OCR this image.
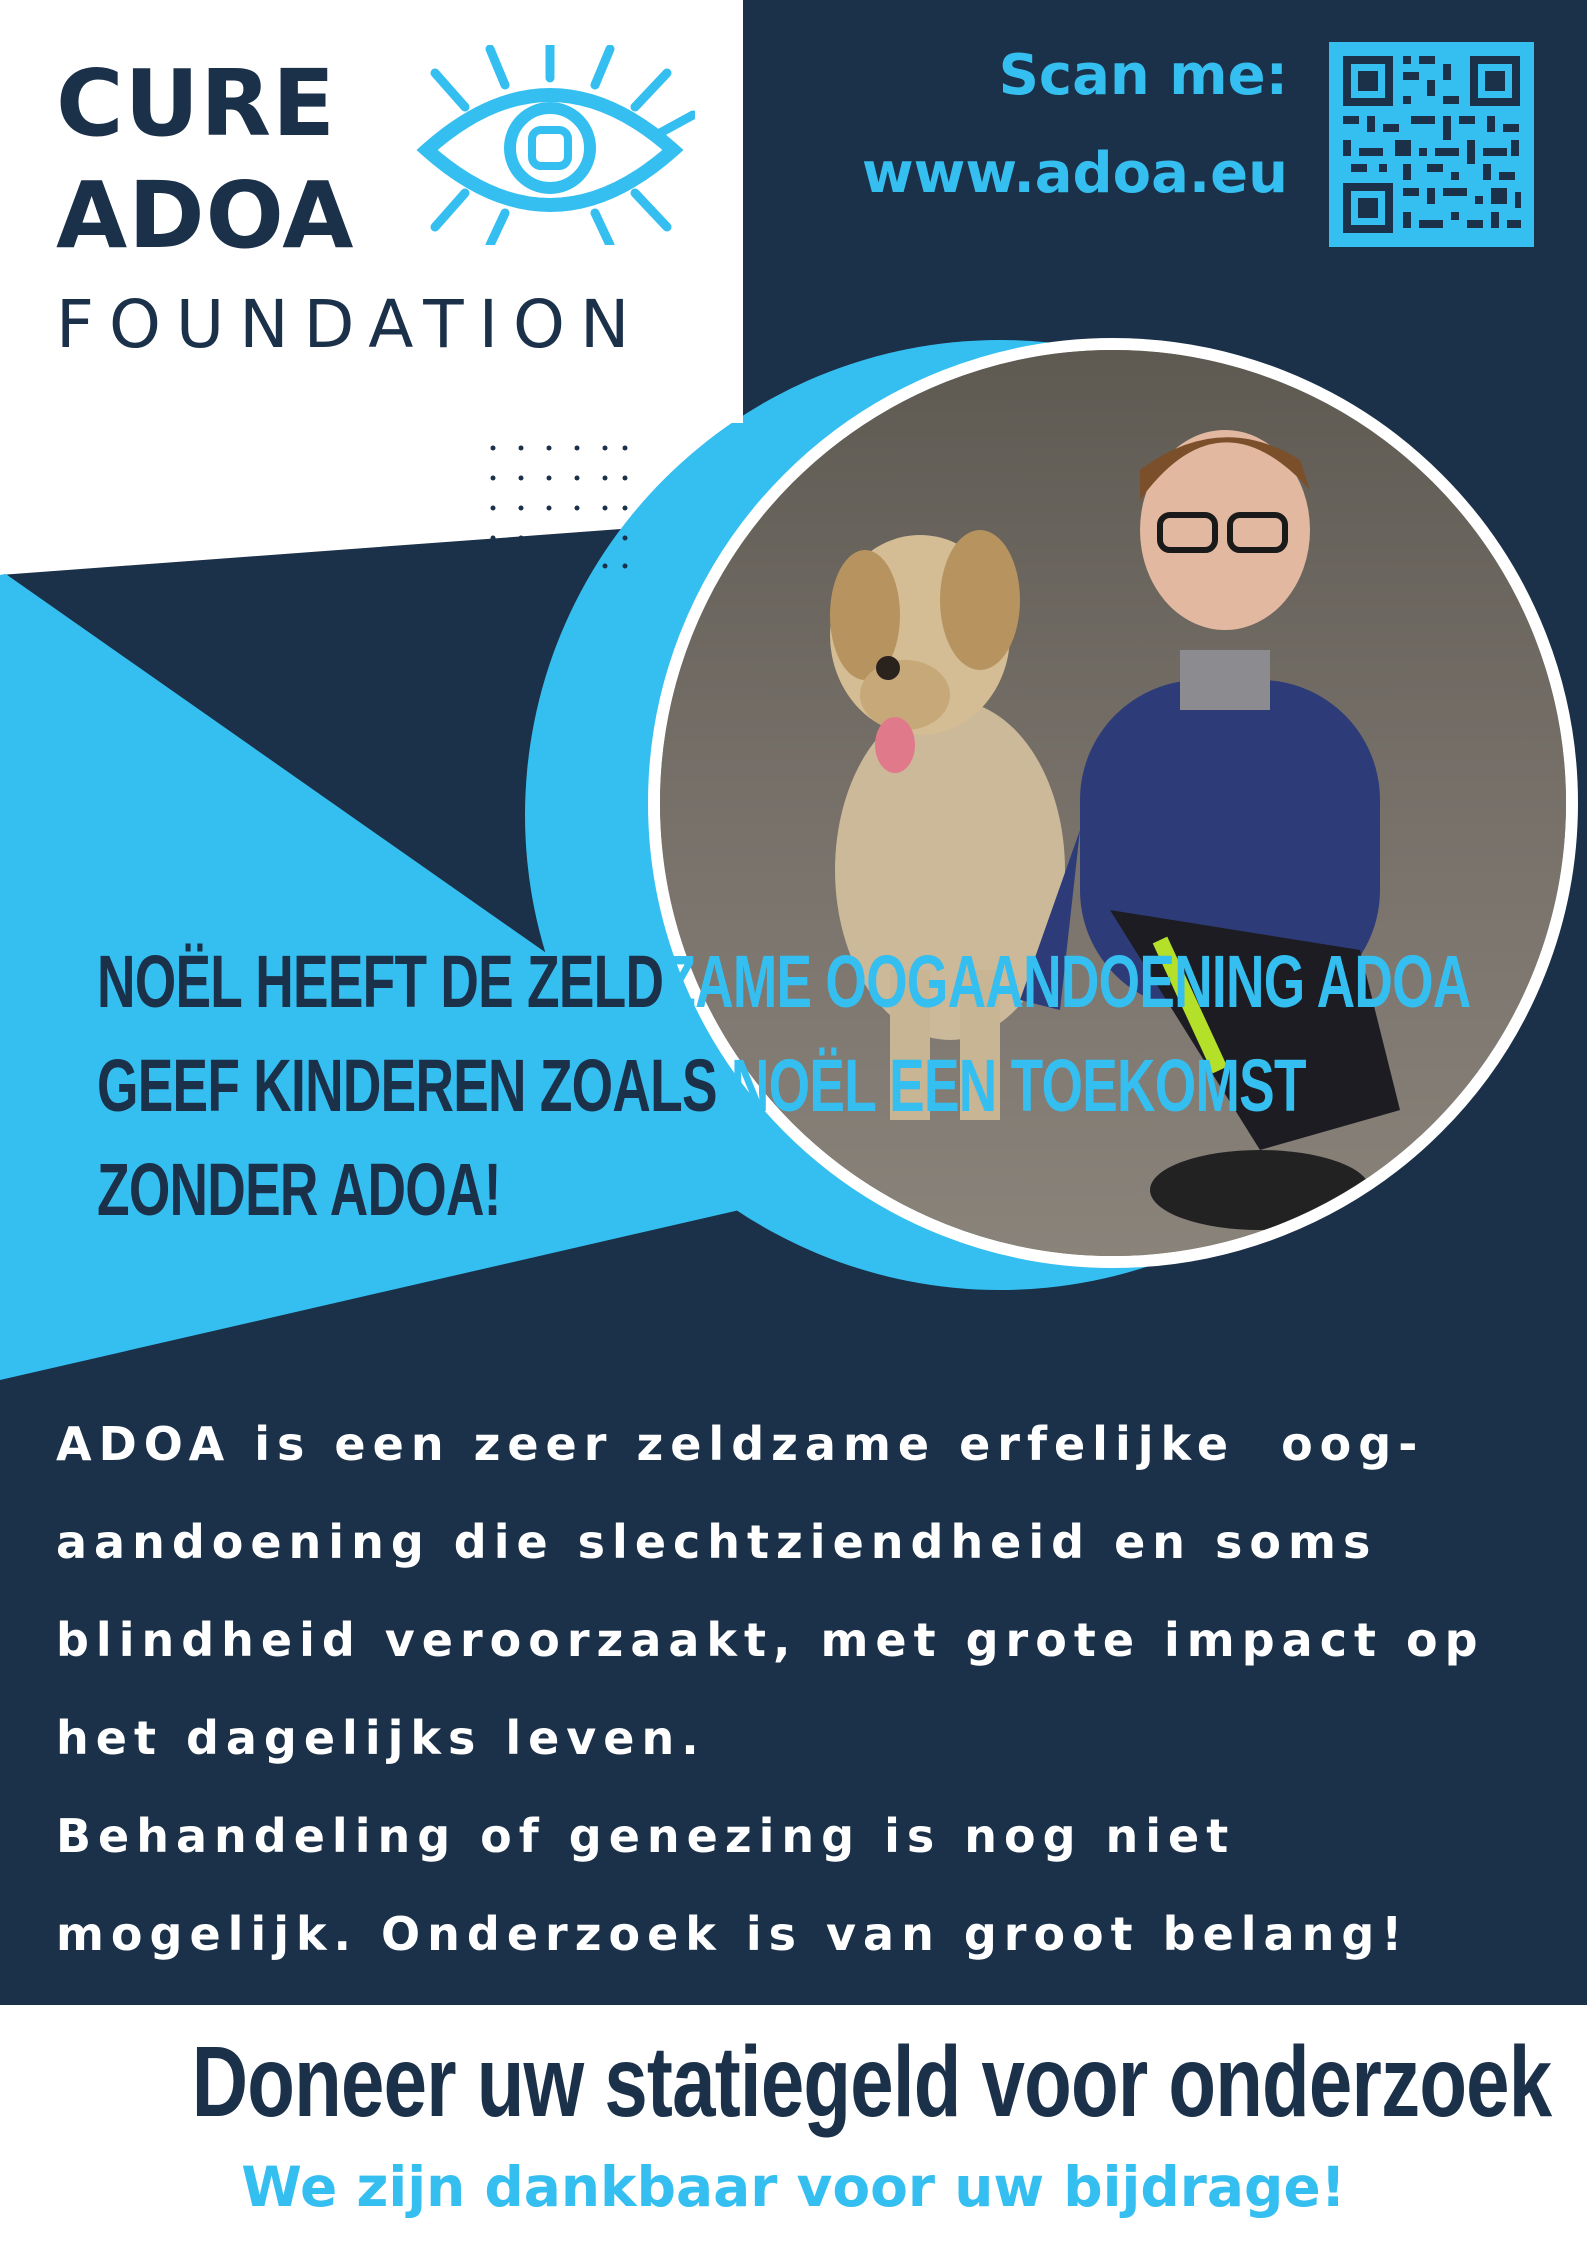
CURE
ADOA
FOUNDATION
Scan me:
www.adoa.eu
NOËL HEEFT DE ZELDZAME OOGAANDOENING ADOA
GEEF KINDEREN ZOALS NOËL EEN TOEKOMST
ZONDER ADOA!

ADOA is een zeer zeldzame erfelijke  oog-

aandoening die slechtziendheid en soms

blindheid veroorzaakt, met grote impact op

het dagelijks leven.

Behandeling of genezing is nog niet

mogelijk. Onderzoek is van groot belang!

Doneer uw statiegeld voor onderzoek
We zijn dankbaar voor uw bijdrage!
